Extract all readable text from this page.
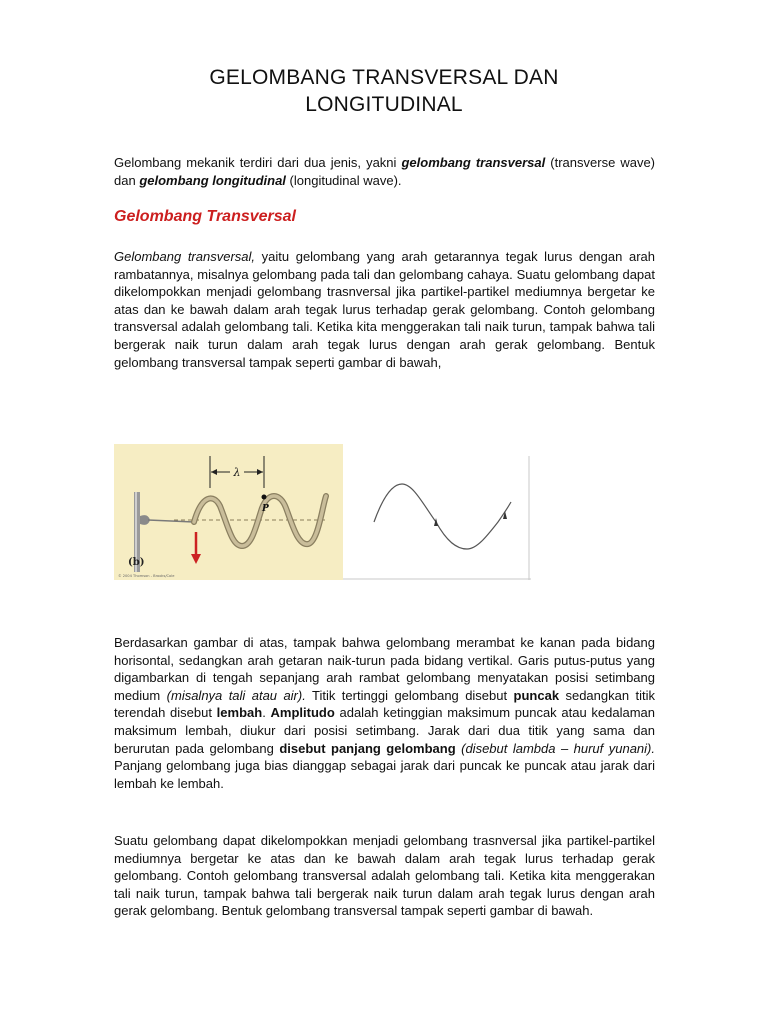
GELOMBANG TRANSVERSAL DAN
LONGITUDINAL

Gelombang mekanik terdiri dari dua jenis, yakni gelombang transversal (transverse wave) dan gelombang longitudinal (longitudinal wave).

Gelombang Transversal

Gelombang transversal, yaitu gelombang yang arah getarannya tegak lurus dengan arah rambatannya, misalnya gelombang pada tali dan gelombang cahaya. Suatu gelombang dapat dikelompokkan menjadi gelombang trasnversal jika partikel-partikel mediumnya bergetar ke atas dan ke bawah dalam arah tegak lurus terhadap gerak gelombang. Contoh gelombang transversal adalah gelombang tali. Ketika kita menggerakan tali naik turun, tampak bahwa tali bergerak naik turun dalam arah tegak lurus dengan arah gerak gelombang. Bentuk gelombang transversal tampak seperti gambar di bawah,

λ
P
(b)
© 2004 Thomson - Brooks/Cole

Berdasarkan gambar di atas, tampak bahwa gelombang merambat ke kanan pada bidang horisontal, sedangkan arah getaran naik-turun pada bidang vertikal. Garis putus-putus yang digambarkan di tengah sepanjang arah rambat gelombang menyatakan posisi setimbang medium (misalnya tali atau air). Titik tertinggi gelombang disebut puncak sedangkan titik terendah disebut lembah. Amplitudo adalah ketinggian maksimum puncak atau kedalaman maksimum lembah, diukur dari posisi setimbang. Jarak dari dua titik yang sama dan berurutan pada gelombang disebut panjang gelombang (disebut lambda – huruf yunani). Panjang gelombang juga bias dianggap sebagai jarak dari puncak ke puncak atau jarak dari lembah ke lembah.

Suatu gelombang dapat dikelompokkan menjadi gelombang trasnversal jika partikel-partikel mediumnya bergetar ke atas dan ke bawah dalam arah tegak lurus terhadap gerak gelombang. Contoh gelombang transversal adalah gelombang tali. Ketika kita menggerakan tali naik turun, tampak bahwa tali bergerak naik turun dalam arah tegak lurus dengan arah gerak gelombang. Bentuk gelombang transversal tampak seperti gambar di bawah.
